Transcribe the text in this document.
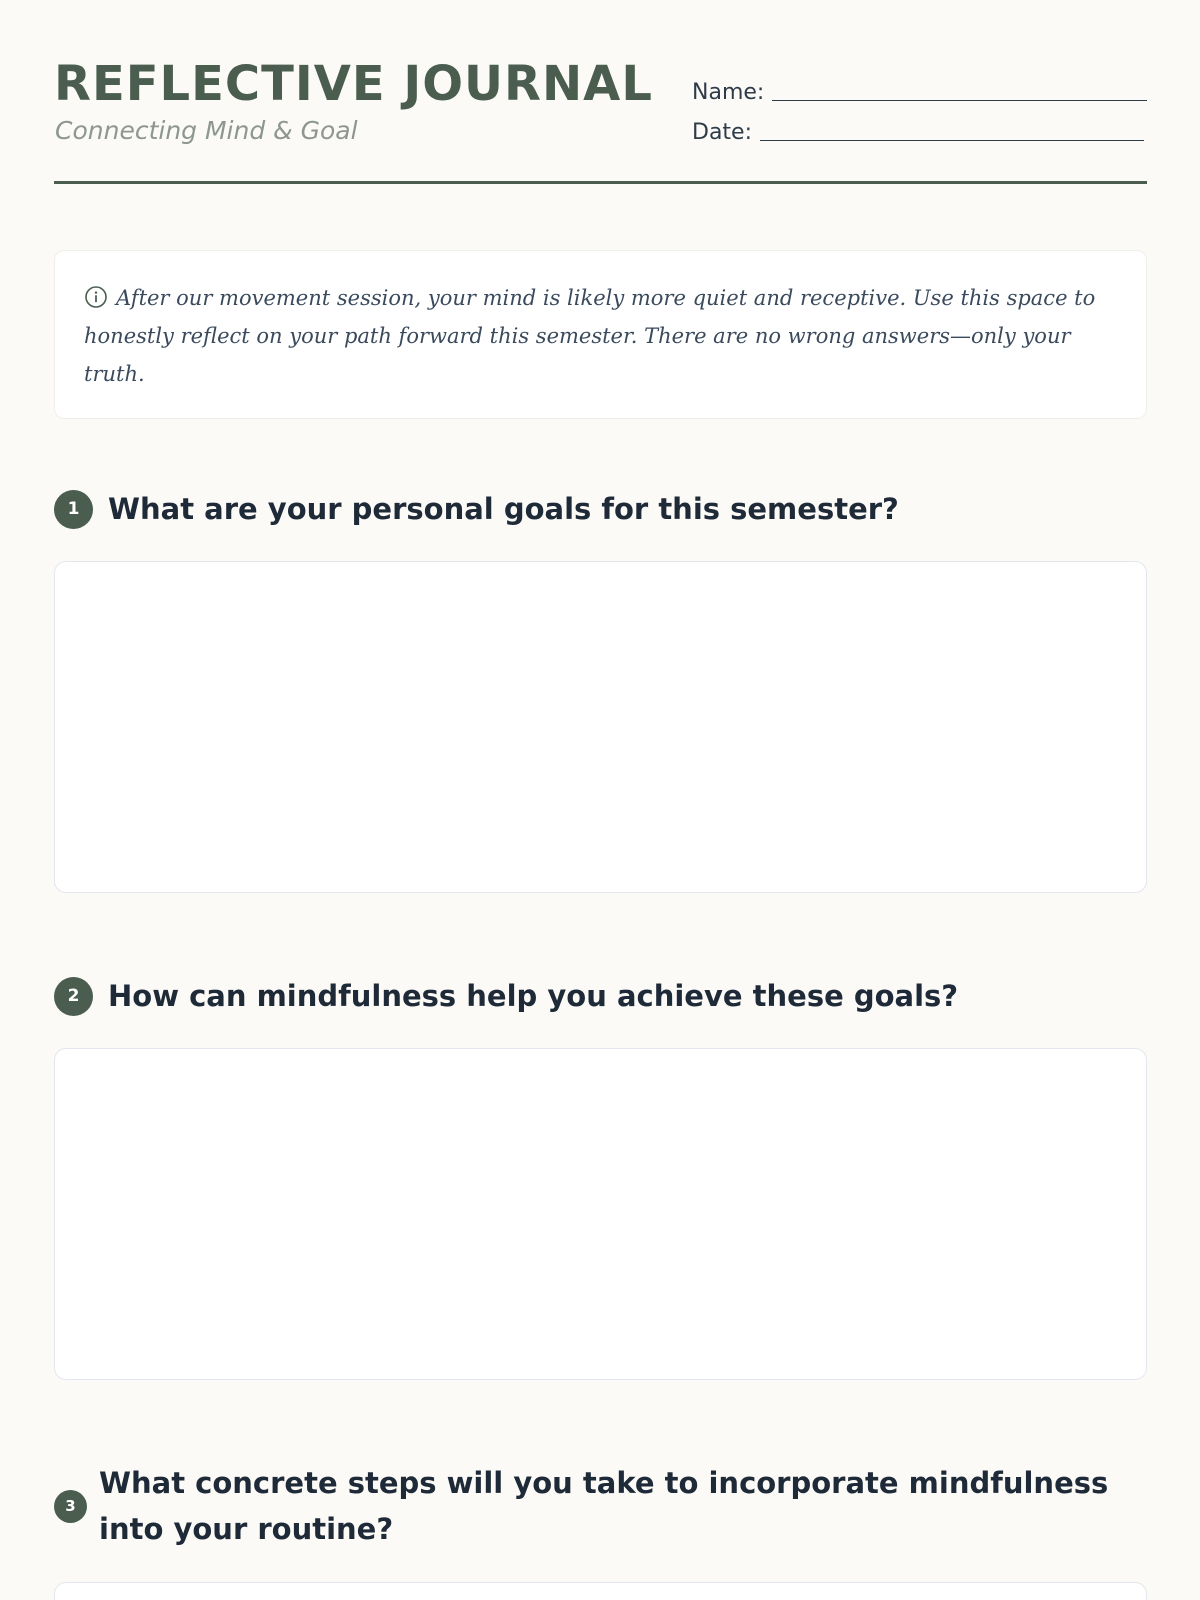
REFLECTIVE JOURNAL
Connecting Mind & Goal
Name:
Date:
After our movement session, your mind is likely more quiet and receptive. Use this space to honestly reflect on your path forward this semester. There are no wrong answers—only your truth.
1 What are your personal goals for this semester?
2 How can mindfulness help you achieve these goals?
3
What concrete steps will you take to incorporate mindfulness into your routine?
